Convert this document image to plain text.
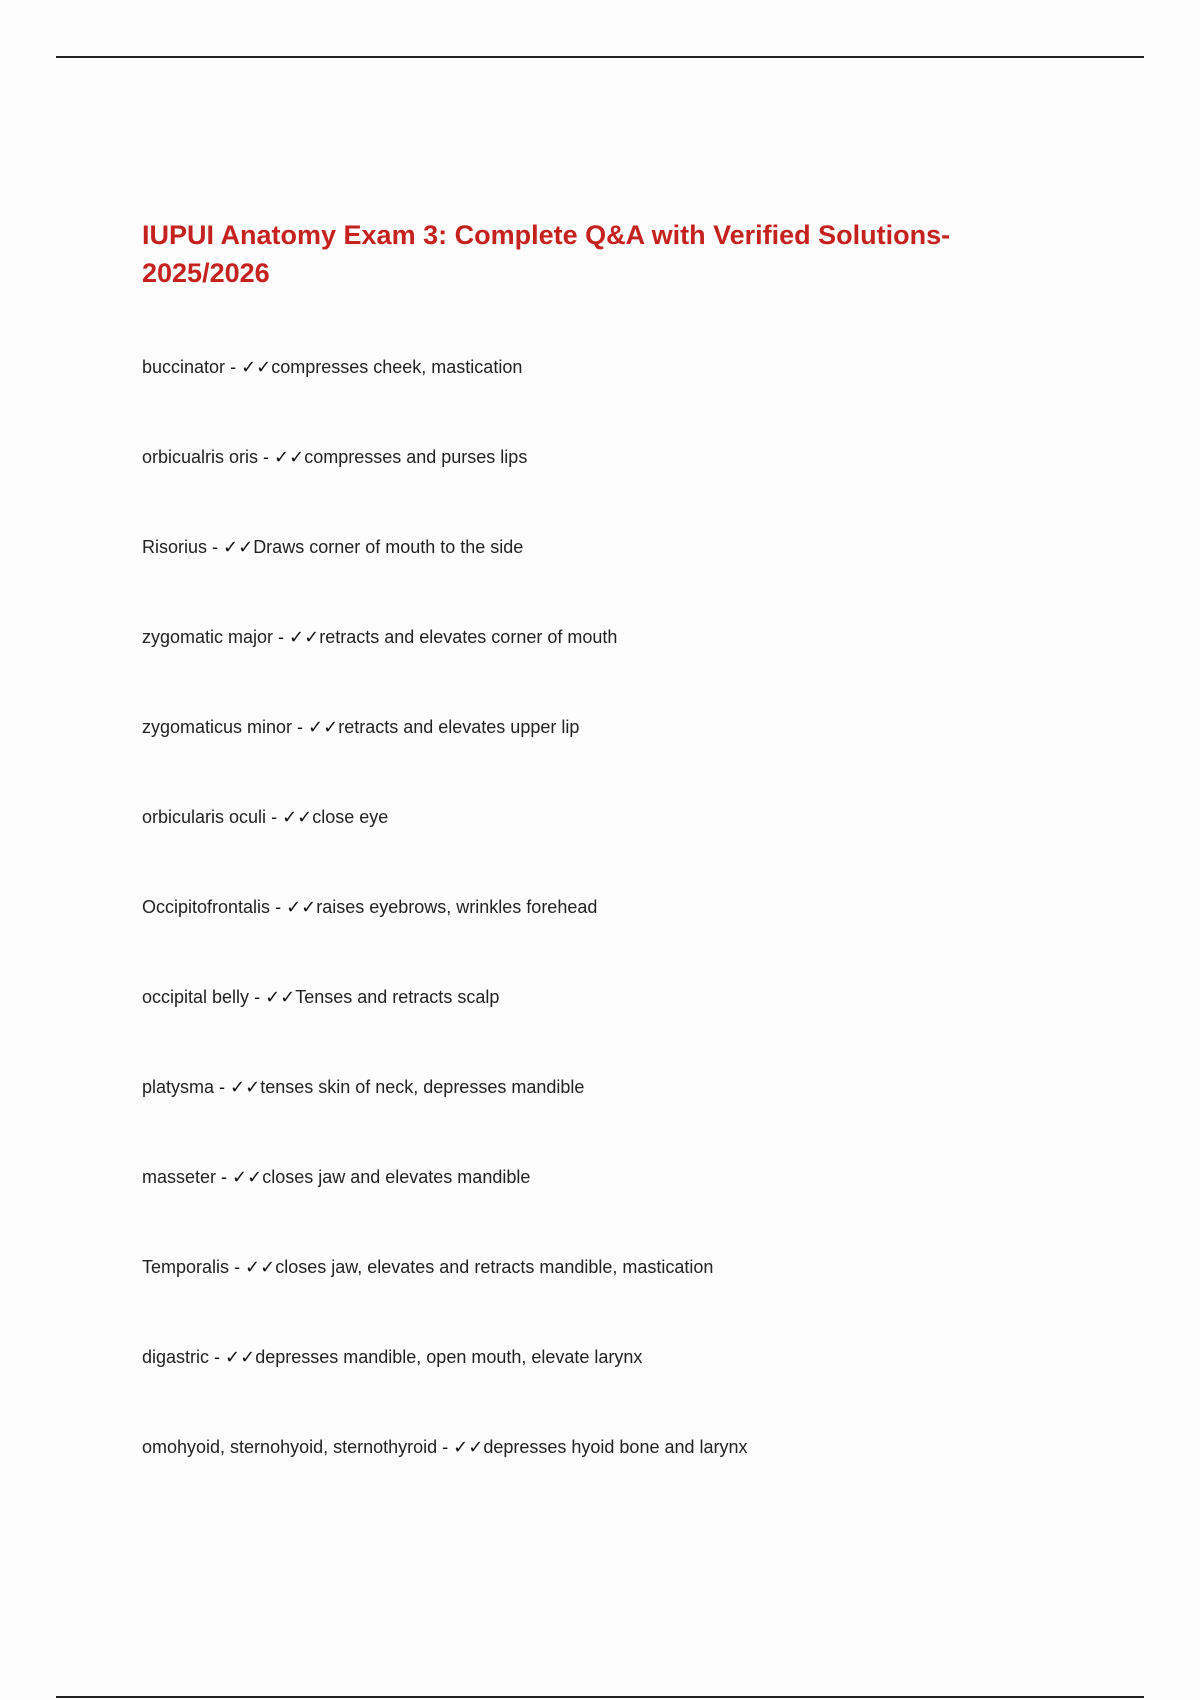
IUPUI Anatomy Exam 3: Complete Q&A with Verified Solutions- 2025/2026
buccinator - ✓✓compresses cheek, mastication
orbicualris oris - ✓✓compresses and purses lips
Risorius - ✓✓Draws corner of mouth to the side
zygomatic major - ✓✓retracts and elevates corner of mouth
zygomaticus minor - ✓✓retracts and elevates upper lip
orbicularis oculi - ✓✓close eye
Occipitofrontalis - ✓✓raises eyebrows, wrinkles forehead
occipital belly - ✓✓Tenses and retracts scalp
platysma - ✓✓tenses skin of neck, depresses mandible
masseter - ✓✓closes jaw and elevates mandible
Temporalis - ✓✓closes jaw, elevates and retracts mandible, mastication
digastric - ✓✓depresses mandible, open mouth, elevate larynx
omohyoid, sternohyoid, sternothyroid - ✓✓depresses hyoid bone and larynx
